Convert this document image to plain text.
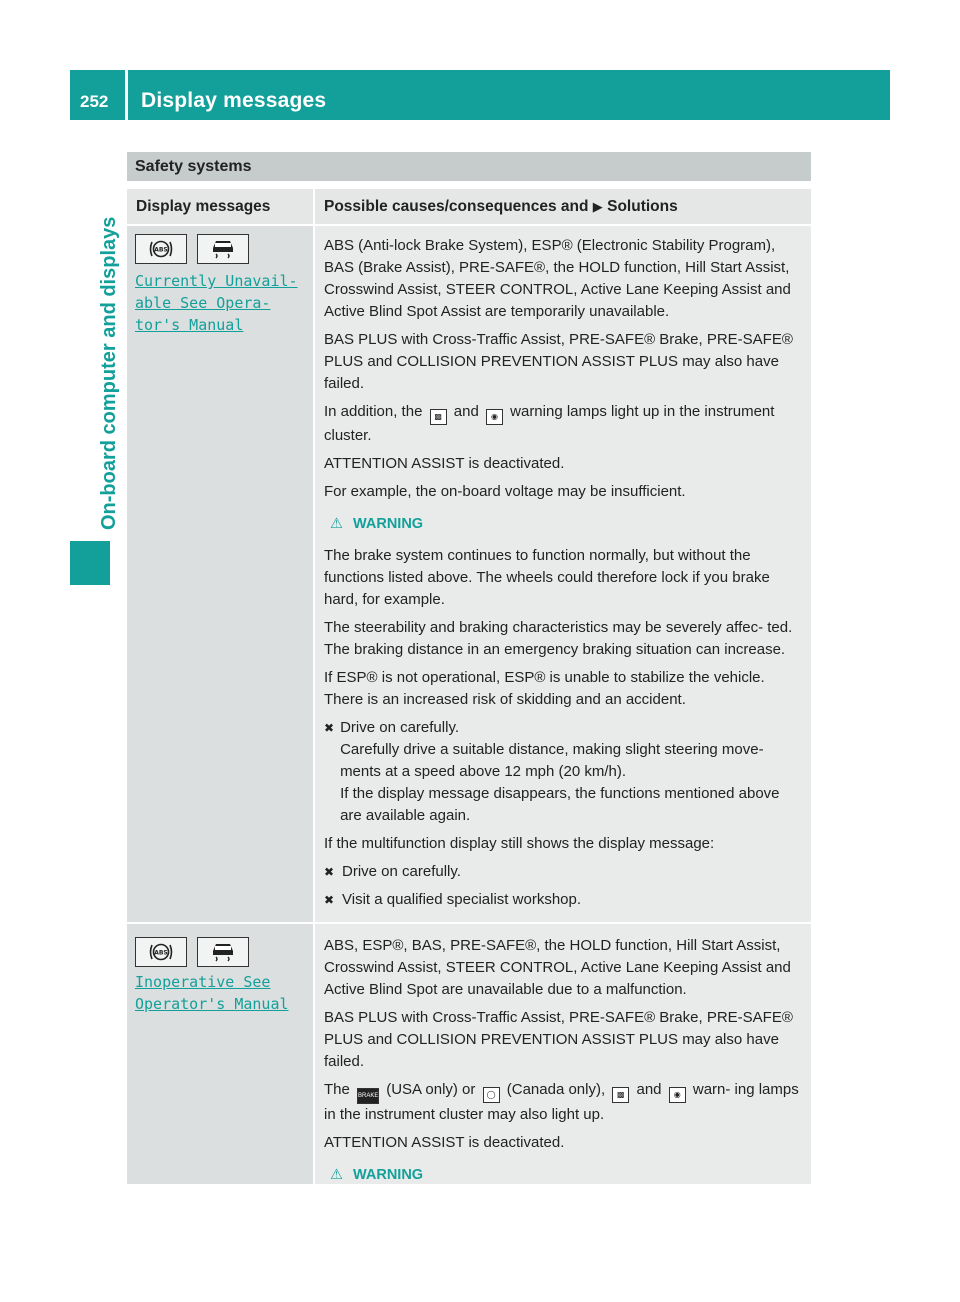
252 Display messages
On-board computer and displays
Safety systems
Display messages	Possible causes/consequences and ▶ Solutions
ABS
Currently Unavail‐
able See Opera‐
tor's Manual

ABS (Anti-lock Brake System), ESP® (Electronic Stability Program), BAS (Brake Assist), PRE-SAFE®, the HOLD function, Hill Start Assist, Crosswind Assist, STEER CONTROL, Active Lane Keeping Assist and Active Blind Spot Assist are temporarily unavailable.

BAS PLUS with Cross-Traffic Assist, PRE-SAFE® Brake, PRE-SAFE® PLUS and COLLISION PREVENTION ASSIST PLUS may also have failed.

In addition, the ▩ and ◉ warning lamps light up in the instrument cluster.

ATTENTION ASSIST is deactivated.

For example, the on-board voltage may be insufficient.

⚠ WARNING

The brake system continues to function normally, but without the functions listed above. The wheels could therefore lock if you brake hard, for example.

The steerability and braking characteristics may be severely affec‐ ted. The braking distance in an emergency braking situation can increase.

If ESP® is not operational, ESP® is unable to stabilize the vehicle. There is an increased risk of skidding and an accident.

✖ Drive on carefully.
Carefully drive a suitable distance, making slight steering move‐ ments at a speed above 12 mph (20 km/h).
If the display message disappears, the functions mentioned above are available again.

If the multifunction display still shows the display message:

✖ Drive on carefully.
✖ Visit a qualified specialist workshop.
ABS
Inoperative See
Operator's Manual

ABS, ESP®, BAS, PRE-SAFE®, the HOLD function, Hill Start Assist, Crosswind Assist, STEER CONTROL, Active Lane Keeping Assist and Active Blind Spot are unavailable due to a malfunction.

BAS PLUS with Cross-Traffic Assist, PRE-SAFE® Brake, PRE-SAFE® PLUS and COLLISION PREVENTION ASSIST PLUS may also have failed.

The BRAKE (USA only) or ◯ (Canada only), ▩ and ◉ warn‐ ing lamps in the instrument cluster may also light up.

ATTENTION ASSIST is deactivated.

⚠ WARNING
